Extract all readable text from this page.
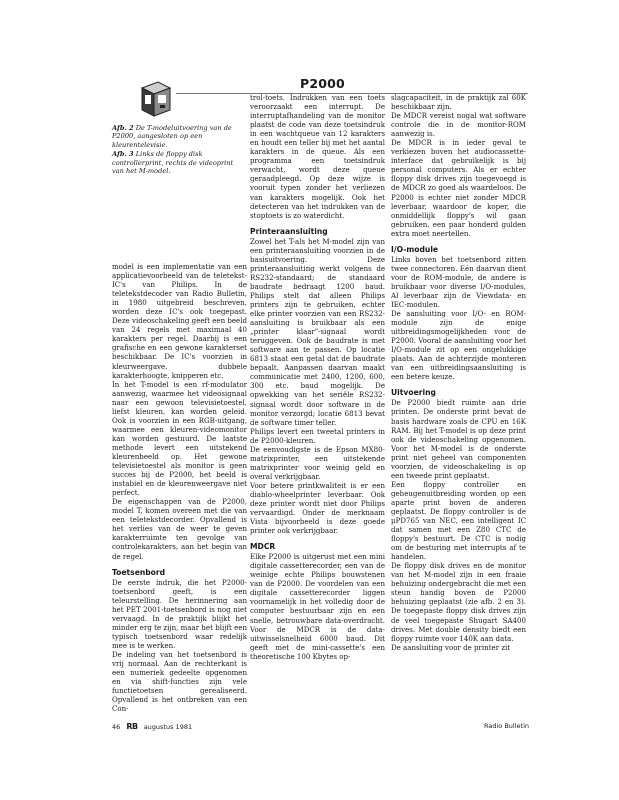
P2000

Afb. 2 De T-modeluitvoering van de P2000, aangesloten op een kleurentelevisie.

Afb. 3 Links de floppy disk controllerprint, rechts de videoprint van het M-model.

model is een implementatie van een applicatievoorbeeld van de teletekst-IC's van Philips. In de teletekstdecoder van Radio Bulletin, in 1980 uitgebreid beschreven, worden deze IC's ook toegepast. Deze videoschakeling geeft een beeld van 24 regels met maximaal 40 karakters per regel. Daarbij is een grafische en een gewone karakterset beschikbaar. De IC's voorzien in kleurweergave, dubbele karakterhoogte, knipperen etc.

In het T-model is een rf-modulator aanwezig, waarmee het videosignaal naar een gewoon televisietoestel, liefst kleuren, kan worden geleid. Ook is voorzien in een RGB-uitgang, waarmee een kleuren-videomonitor kan worden gestuurd. De laatste methode levert een uitstekend kleurenbeeld op. Het gewone televisietoestel als monitor is geen succes bij de P2000, het beeld is instabiel en de kleurenweergave niet perfect.

De eigenschappen van de P2000, model T, komen overeen met die van een teletekstdecorder. Opvallend is het verlies van de weer te geven karakterruimte ten gevolge van controlekarakters, aan het begin van de regel.

Toetsenbord

De eerste indruk, die het P2000-toetsenbord geeft, is een teleurstelling. De herinnering aan het PET 2001-toetsenbord is nog niet vervaagd. In de praktijk blijkt het minder erg te zijn, maar het blijft een typisch toetsenbord waar redelijk mee is te werken.

De indeling van het toetsenbord is vrij normaal. Aan de rechterkant is een numeriek gedeelte opgenomen en via shift-functies zijn vele functietoetsen gerealiseerd. Opvallend is het ontbreken van een Con-

trol-toets. Indrukken van een toets veroorzaakt een interrupt. De interruptafhandeling van de monitor plaatst de code van deze toetsindruk in een wachtqueue van 12 karakters en houdt een teller bij met het aantal karakters in de queue. Als een programma een toetsindruk verwacht, wordt deze queue geraadpleegd. Op deze wijze is vooruit typen zonder het verliezen van karakters mogelijk. Ook het detecteren van het indrukken van de stoptoets is zo waterdicht.

Printeraansluiting

Zowel het T-als het M-model zijn van een printeraansluiting voorzien in de basisuitvoering. Deze printeraansluiting werkt volgens de RS232-standaard; de standaard baudrate bedraagt 1200 baud. Philips stelt dat alleen Philips printers zijn te gebruiken, echter elke printer voorzien van een RS232-aansluiting is bruikbaar als een „printer klaar"-signaal wordt teruggeven. Ook de baudrate is met software aan te passen. Op locatie 6813 staat een getal dat de baudrate bepaalt. Aanpassen daarvan maakt communicatie met 2400, 1200, 600, 300 etc. baud mogelijk. De opwekking van het seriële RS232-signaal wordt door software in de monitor verzorgd; locatie 6813 bevat de software timer teller.

Philips levert een tweetal printers in de P2000-kleuren.

De eenvoudigste is de Epson MX80-matrixprinter, een uitstekende matrixprinter voor weinig geld en overal verkrijgbaar.

Voor betere printkwaliteit is er een diablo-wheelprinter leverbaar. Ook deze printer wordt niet door Philips vervaardigd. Onder de merknaam Vista bijvoorbeeld is deze goede printer ook verkrijgbaar.

MDCR

Elke P2000 is uitgerust met een mini digitale cassetterecorder, een van de weinige echte Philips bouwstenen van de P2000. De voordelen van een digitale cassetterecorder liggen voornamelijk in het volledig door de computer bestuurbaar zijn en een snelle, betrouwbare data-overdracht. Voor de MDCR is de data-uitwisselsnelheid 6000 baud. Dit geeft met de mini-cassette's een theoretische 100 Kbytes op-

slagcapaciteit, in de praktijk zal 60K beschikbaar zijn.

De MDCR vereist nogal wat software controle die in de monitor-ROM aanwezig is.

De MDCR is in ieder geval te verkiezen boven het audiocassette-interface dat gebruikelijk is bij personal computers. Als er echter floppy disk drives zijn toegevoegd is de MDCR zo goed als waardeloos. De P2000 is echter niet zonder MDCR leverbaar, waardoor de koper, die onmiddellijk floppy's wil gaan gebruiken, een paar honderd gulden extra moet neertellen.

I/O-module

Links boven het toetsenbord zitten twee connectoren. Eén daarvan dient voor de ROM-module, de andere is bruikbaar voor diverse I/O-modules, Al leverbaar zijn de Viewdata- en IEC-modulen.

De aansluiting voor I/O- en ROM-module zijn de enige uitbreidingsmogelijkheden voor de P2000. Vooral de aansluiting voor het I/O-module zit op een ongelukkige plaats. Aan de achterzijde monteren van een uitbreidingsaansluiting is een betere keuze.

Uitvoering

De P2000 biedt ruimte aan drie printen. De onderste print bevat de basis hardware zoals de CPU en 16K RAM. Bij het T-model is op deze print ook de videoschakeling opgenomen. Voor het M-model is de onderste print niet geheel van componenten voorzien, de videoschakeling is op een tweede print geplaatst.

Een floppy controller en geheugenuitbreiding worden op een aparte print boven de anderen geplaatst. De floppy controller is de µPD765 van NEC, een intelligent IC dat samen met een Z80 CTC de floppy's bestuurt. De CTC is nodig om de besturing met interrupts af te handelen.

De floppy disk drives en de monitor van het M-model zijn in een fraaie behuizing ondergebracht die met een steun handig boven de P2000 behuizing geplaatst (zie afb. 2 en 3). De toegepaste floppy disk drives zijn de veel toegepaste Shugart SA400 drives. Met double density biedt een floppy ruimte voor 140K aan data.

De aansluiting voor de printer zit

46 RB augustus 1981	Radio Bulletin
